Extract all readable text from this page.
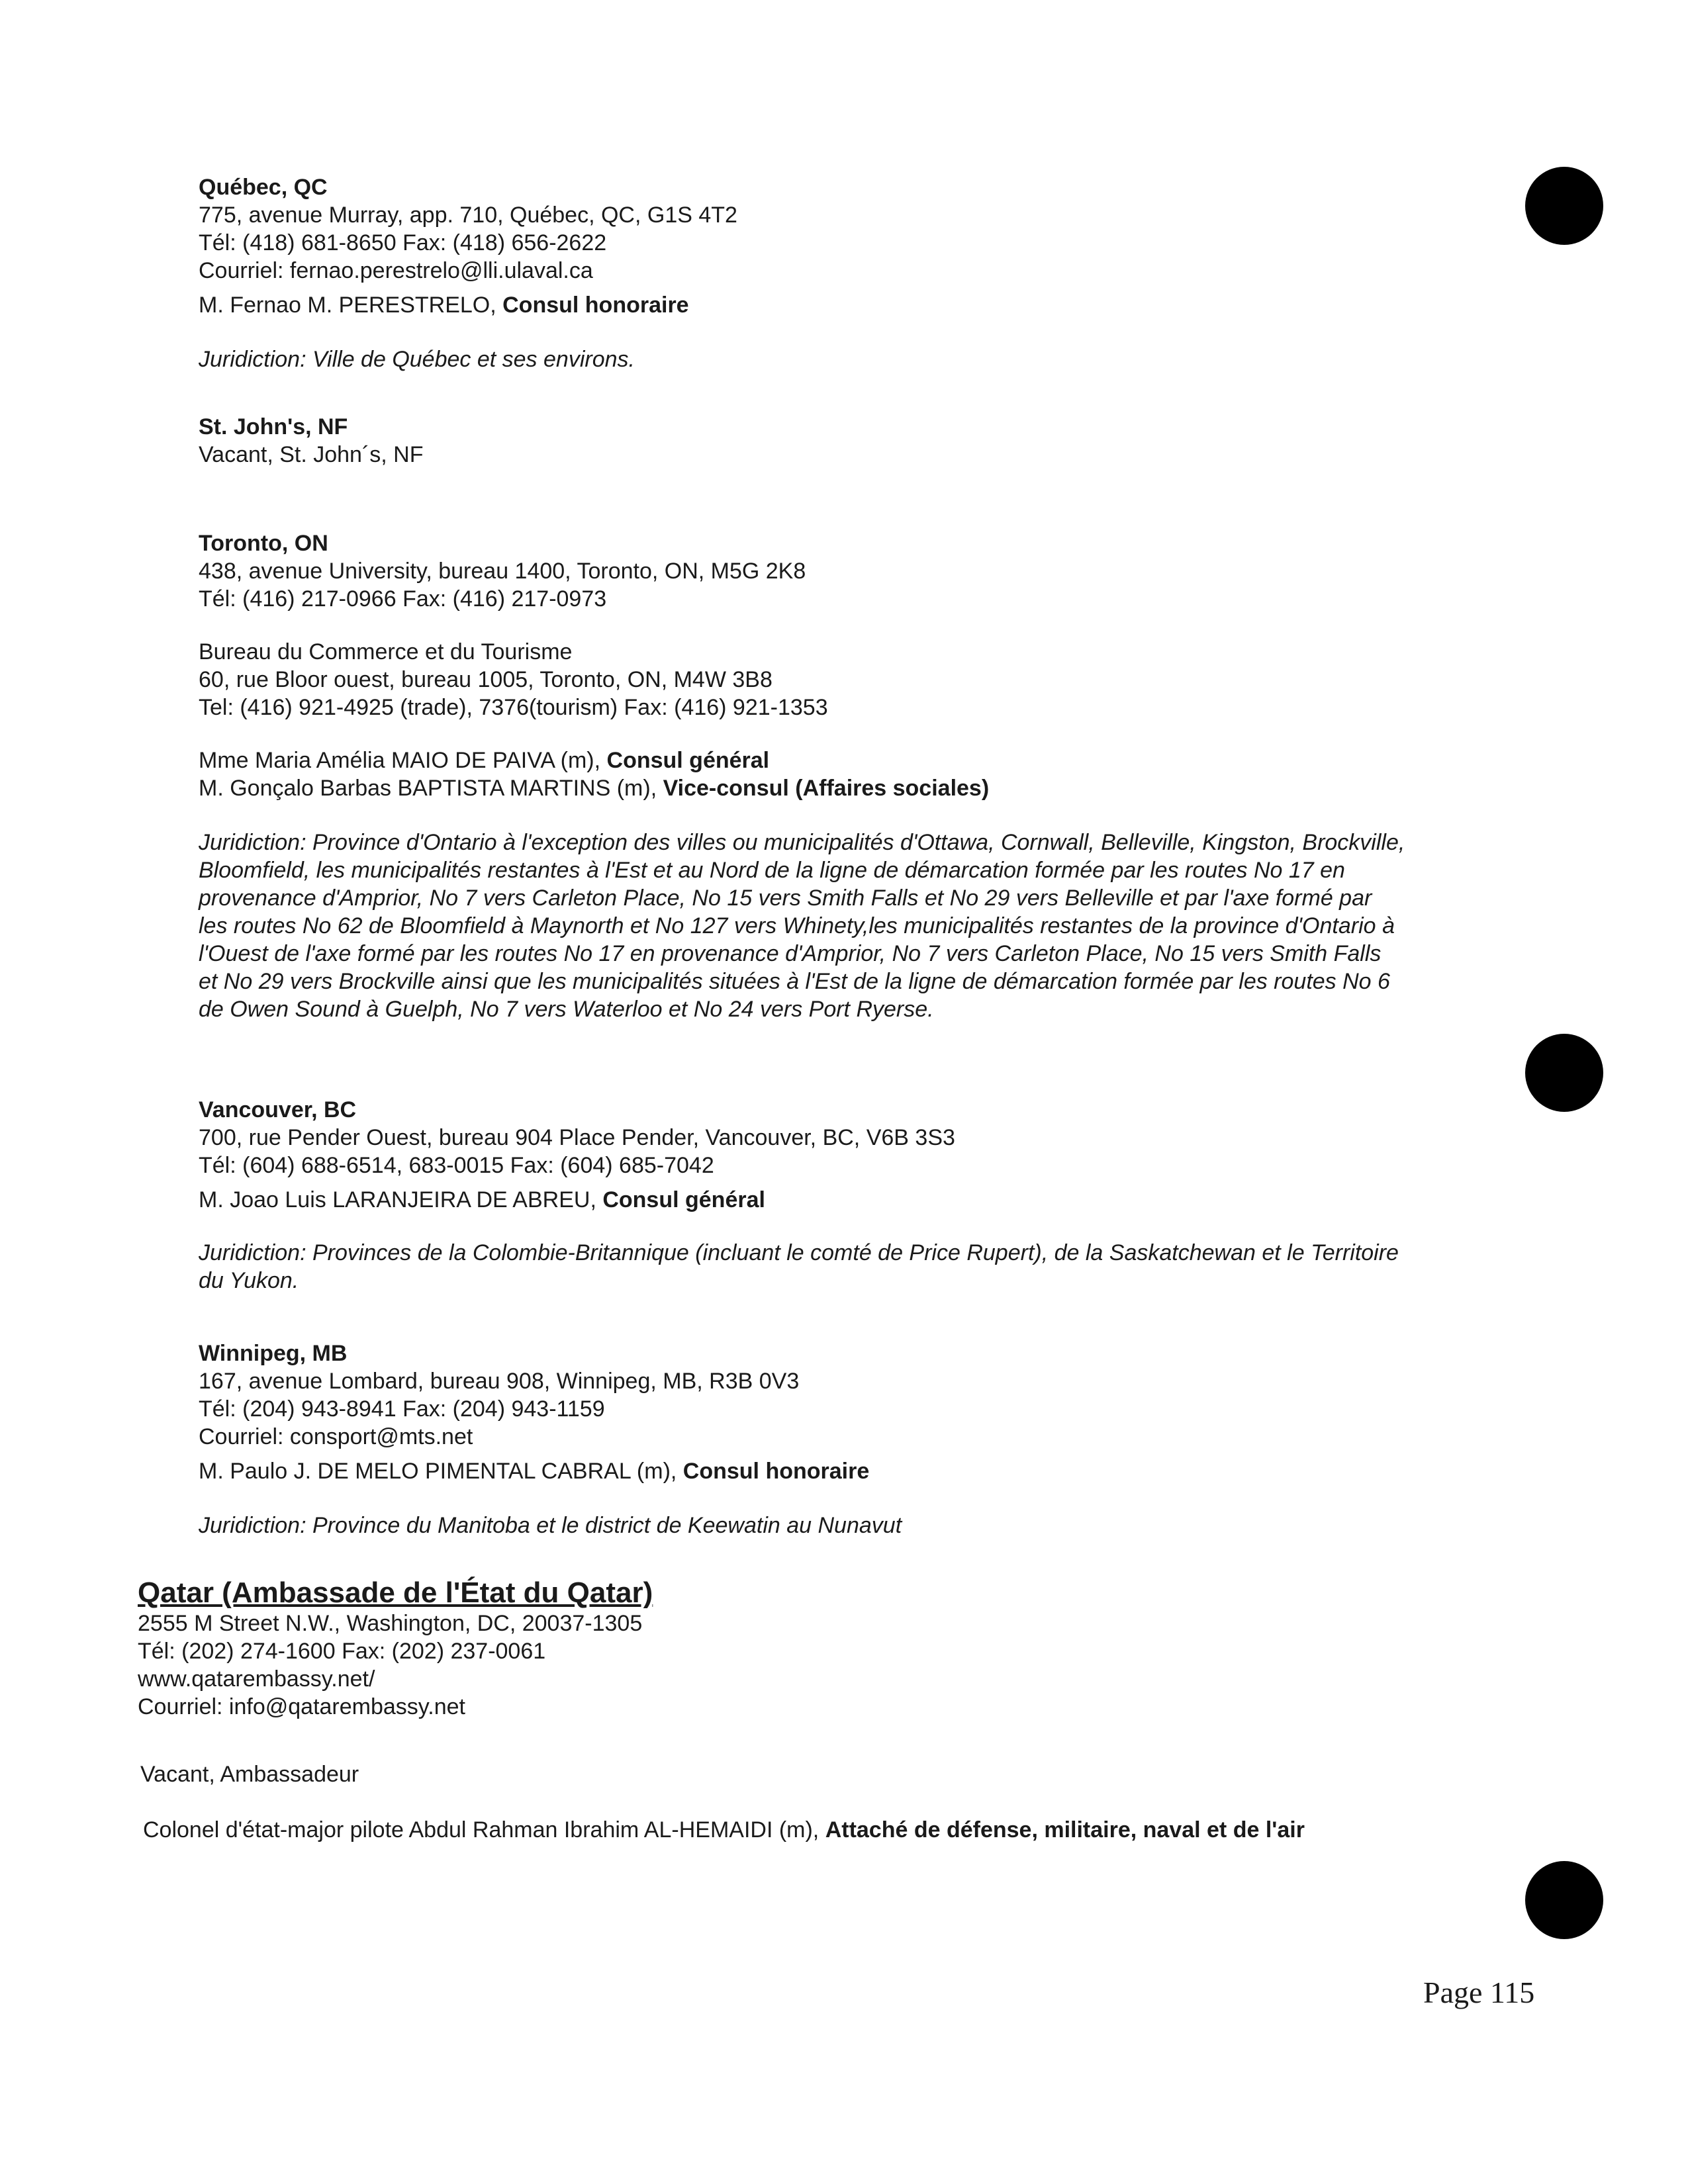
Québec, QC
775, avenue Murray, app. 710, Québec, QC, G1S 4T2
Tél: (418) 681-8650 Fax: (418) 656-2622
Courriel: fernao.perestrelo@lli.ulaval.ca
M. Fernao M. PERESTRELO, Consul honoraire
Juridiction: Ville de Québec et ses environs.
St. John's, NF
Vacant, St. John´s, NF
Toronto, ON
438, avenue University, bureau 1400, Toronto, ON, M5G 2K8
Tél: (416) 217-0966 Fax: (416) 217-0973
Bureau du Commerce et du Tourisme
60, rue Bloor ouest, bureau 1005, Toronto, ON, M4W 3B8
Tel: (416) 921-4925 (trade), 7376(tourism) Fax: (416) 921-1353
Mme Maria Amélia MAIO DE PAIVA (m), Consul général
M. Gonçalo Barbas BAPTISTA MARTINS (m), Vice-consul (Affaires sociales)
Juridiction: Province d'Ontario à l'exception des villes ou municipalités d'Ottawa, Cornwall, Belleville, Kingston, Brockville,
Bloomfield, les municipalités restantes à l'Est et au Nord de la ligne de démarcation formée par les routes No 17 en
provenance d'Amprior, No 7 vers Carleton Place, No 15 vers Smith Falls et No 29 vers Belleville et par l'axe formé par
les routes No 62 de Bloomfield à Maynorth et No 127 vers Whinety,les municipalités restantes de la province d'Ontario à
l'Ouest de l'axe formé par les routes No 17 en provenance d'Amprior, No 7 vers Carleton Place, No 15 vers Smith Falls
et No 29 vers Brockville ainsi que les municipalités situées à l'Est de la ligne de démarcation formée par les routes No 6
de Owen Sound à Guelph, No 7 vers Waterloo et No 24 vers Port Ryerse.
Vancouver, BC
700, rue Pender Ouest, bureau 904 Place Pender, Vancouver, BC, V6B 3S3
Tél: (604) 688-6514, 683-0015 Fax: (604) 685-7042
M. Joao Luis LARANJEIRA DE ABREU, Consul général
Juridiction: Provinces de la Colombie-Britannique (incluant le comté de Price Rupert), de la Saskatchewan et le Territoire
du Yukon.
Winnipeg, MB
167, avenue Lombard, bureau 908, Winnipeg, MB, R3B 0V3
Tél: (204) 943-8941 Fax: (204) 943-1159
Courriel: consport@mts.net
M. Paulo J. DE MELO PIMENTAL CABRAL (m), Consul honoraire
Juridiction: Province du Manitoba et le district de Keewatin au Nunavut
Qatar (Ambassade de l'État du Qatar)
2555 M Street N.W., Washington, DC, 20037-1305
Tél: (202) 274-1600 Fax: (202) 237-0061
www.qatarembassy.net/
Courriel: info@qatarembassy.net
Vacant, Ambassadeur
Colonel d'état-major pilote Abdul Rahman Ibrahim AL-HEMAIDI (m), Attaché de défense, militaire, naval et de l'air
Page 115
